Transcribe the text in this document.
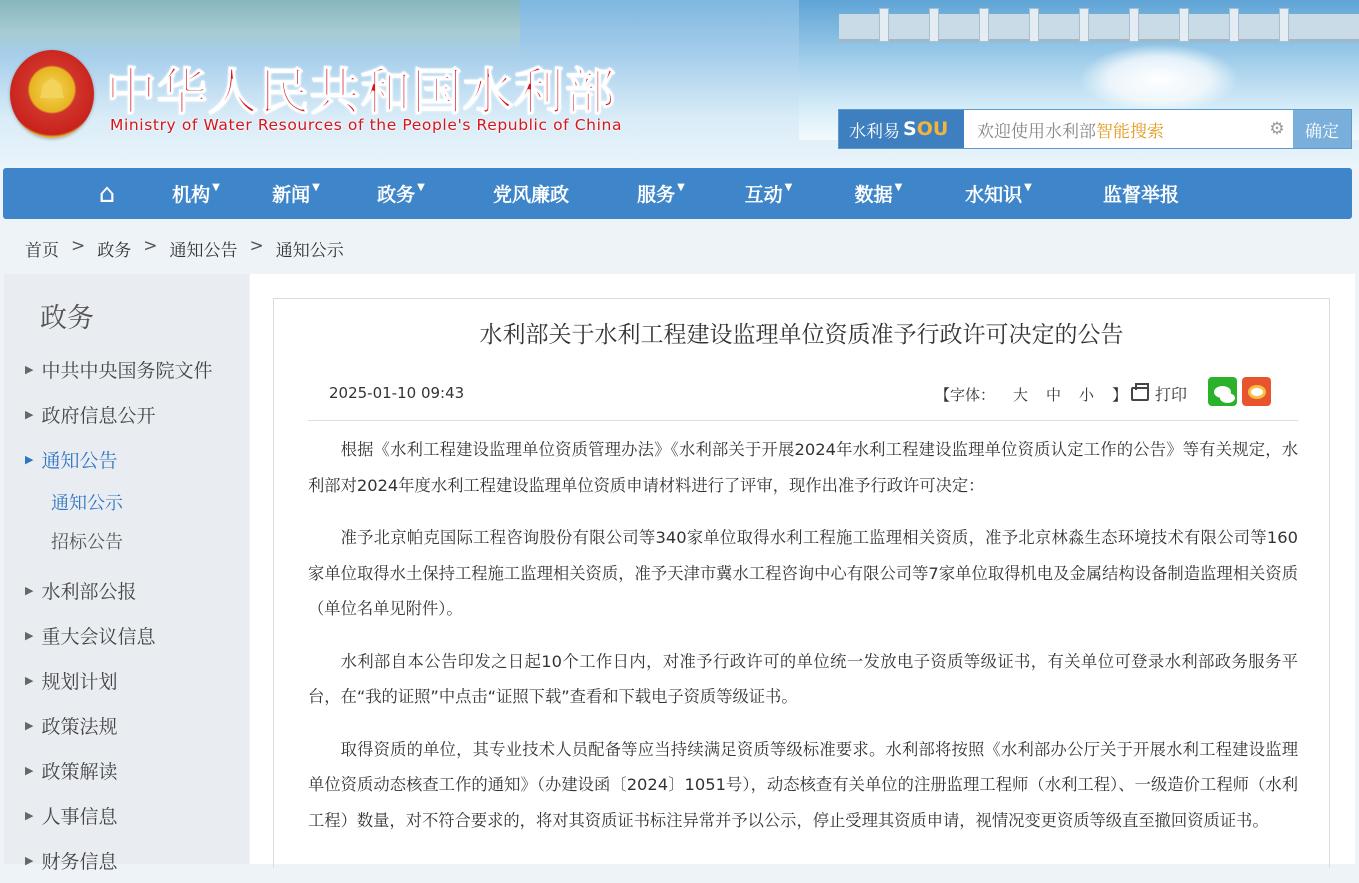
中华人民共和国水利部
Ministry of Water Resources of the People's Republic of China	水利易 S OU 欢迎使用水利部 智能搜索	⚙	确定
⌂	机构 ▼	新闻 ▼	政务 ▼	党风廉政	服务 ▼	互动 ▼	数据 ▼	水知识 ▼	监督举报
首页 > 政务 > 通知公告 > 通知公示
政务
▶ 中共中央国务院文件
▶ 政府信息公开
▶ 通知公告
通知公示
招标公告
▶ 水利部公报
▶ 重大会议信息
▶ 规划计划
▶ 政策法规
▶ 政策解读
▶ 人事信息
▶ 财务信息
水利部关于水利工程建设监理单位资质准予行政许可决定的公告
2025-01-10 09:43	【字体： 大 中 小 】 打印

根据《水利工程建设监理单位资质管理办法》《水利部关于开展2024年水利工程建设监理单位资质认定工作的公告》等有关规定，水利部对2024年度水利工程建设监理单位资质申请材料进行了评审，现作出准予行政许可决定：

准予北京帕克国际工程咨询股份有限公司等340家单位取得水利工程施工监理相关资质，准予北京林淼生态环境技术有限公司等160家单位取得水土保持工程施工监理相关资质，准予天津市冀水工程咨询中心有限公司等7家单位取得机电及金属结构设备制造监理相关资质（单位名单见附件）。

水利部自本公告印发之日起10个工作日内，对准予行政许可的单位统一发放电子资质等级证书，有关单位可登录水利部政务服务平台，在“我的证照”中点击“证照下载”查看和下载电子资质等级证书。

取得资质的单位，其专业技术人员配备等应当持续满足资质等级标准要求。水利部将按照《水利部办公厅关于开展水利工程建设监理单位资质动态核查工作的通知》（办建设函〔2024〕1051号），动态核查有关单位的注册监理工程师（水利工程）、一级造价工程师（水利工程）数量，对不符合要求的，将对其资质证书标注异常并予以公示，停止受理其资质申请，视情况变更资质等级直至撤回资质证书。
